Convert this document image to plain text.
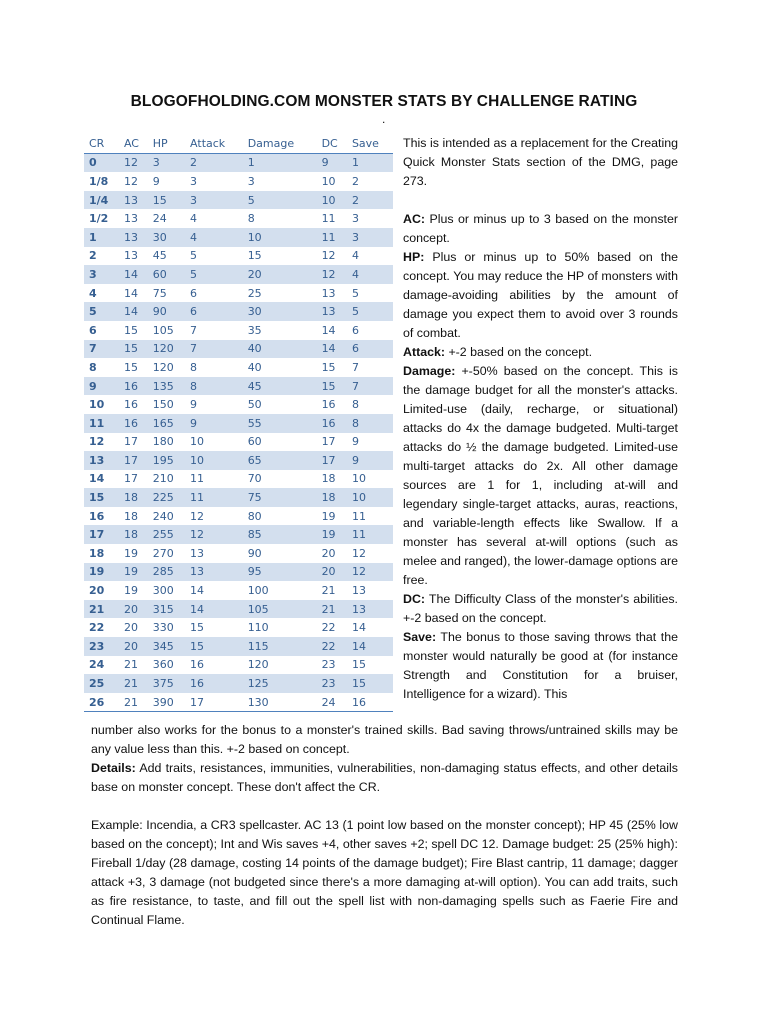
BLOGOFHOLDING.COM MONSTER STATS BY CHALLENGE RATING
.
CR	AC	HP	Attack	Damage	DC	Save
0	12	3	2	1	9	1
1/8	12	9	3	3	10	2
1/4	13	15	3	5	10	2
1/2	13	24	4	8	11	3
1	13	30	4	10	11	3
2	13	45	5	15	12	4
3	14	60	5	20	12	4
4	14	75	6	25	13	5
5	14	90	6	30	13	5
6	15	105	7	35	14	6
7	15	120	7	40	14	6
8	15	120	8	40	15	7
9	16	135	8	45	15	7
10	16	150	9	50	16	8
11	16	165	9	55	16	8
12	17	180	10	60	17	9
13	17	195	10	65	17	9
14	17	210	11	70	18	10
15	18	225	11	75	18	10
16	18	240	12	80	19	11
17	18	255	12	85	19	11
18	19	270	13	90	20	12
19	19	285	13	95	20	12
20	19	300	14	100	21	13
21	20	315	14	105	21	13
22	20	330	15	110	22	14
23	20	345	15	115	22	14
24	21	360	16	120	23	15
25	21	375	16	125	23	15
26	21	390	17	130	24	16

This is intended as a replacement for the Creating Quick Monster Stats section of the DMG, page 273.

AC: Plus or minus up to 3 based on the monster concept.

HP: Plus or minus up to 50% based on the concept. You may reduce the HP of monsters with damage-avoiding abilities by the amount of damage you expect them to avoid over 3 rounds of combat.

Attack: +-2 based on the concept.

Damage: +-50% based on the concept. This is the damage budget for all the monster's attacks. Limited-use (daily, recharge, or situational) attacks do 4x the damage budgeted. Multi-target attacks do ½ the damage budgeted. Limited-use multi-target attacks do 2x. All other damage sources are 1 for 1, including at-will and legendary single-target attacks, auras, reactions, and variable-length effects like Swallow. If a monster has several at-will options (such as melee and ranged), the lower-damage options are free.

DC: The Difficulty Class of the monster's abilities. +-2 based on the concept.

Save: The bonus to those saving throws that the monster would naturally be good at (for instance Strength and Constitution for a bruiser, Intelligence for a wizard). This

number also works for the bonus to a monster's trained skills. Bad saving throws/untrained skills may be any value less than this. +-2 based on concept.

Details: Add traits, resistances, immunities, vulnerabilities, non-damaging status effects, and other details base on monster concept. These don't affect the CR.

Example: Incendia, a CR3 spellcaster. AC 13 (1 point low based on the monster concept); HP 45 (25% low based on the concept); Int and Wis saves +4, other saves +2; spell DC 12. Damage budget: 25 (25% high): Fireball 1/day (28 damage, costing 14 points of the damage budget); Fire Blast cantrip, 11 damage; dagger attack +3, 3 damage (not budgeted since there's a more damaging at-will option). You can add traits, such as fire resistance, to taste, and fill out the spell list with non-damaging spells such as Faerie Fire and Continual Flame.
